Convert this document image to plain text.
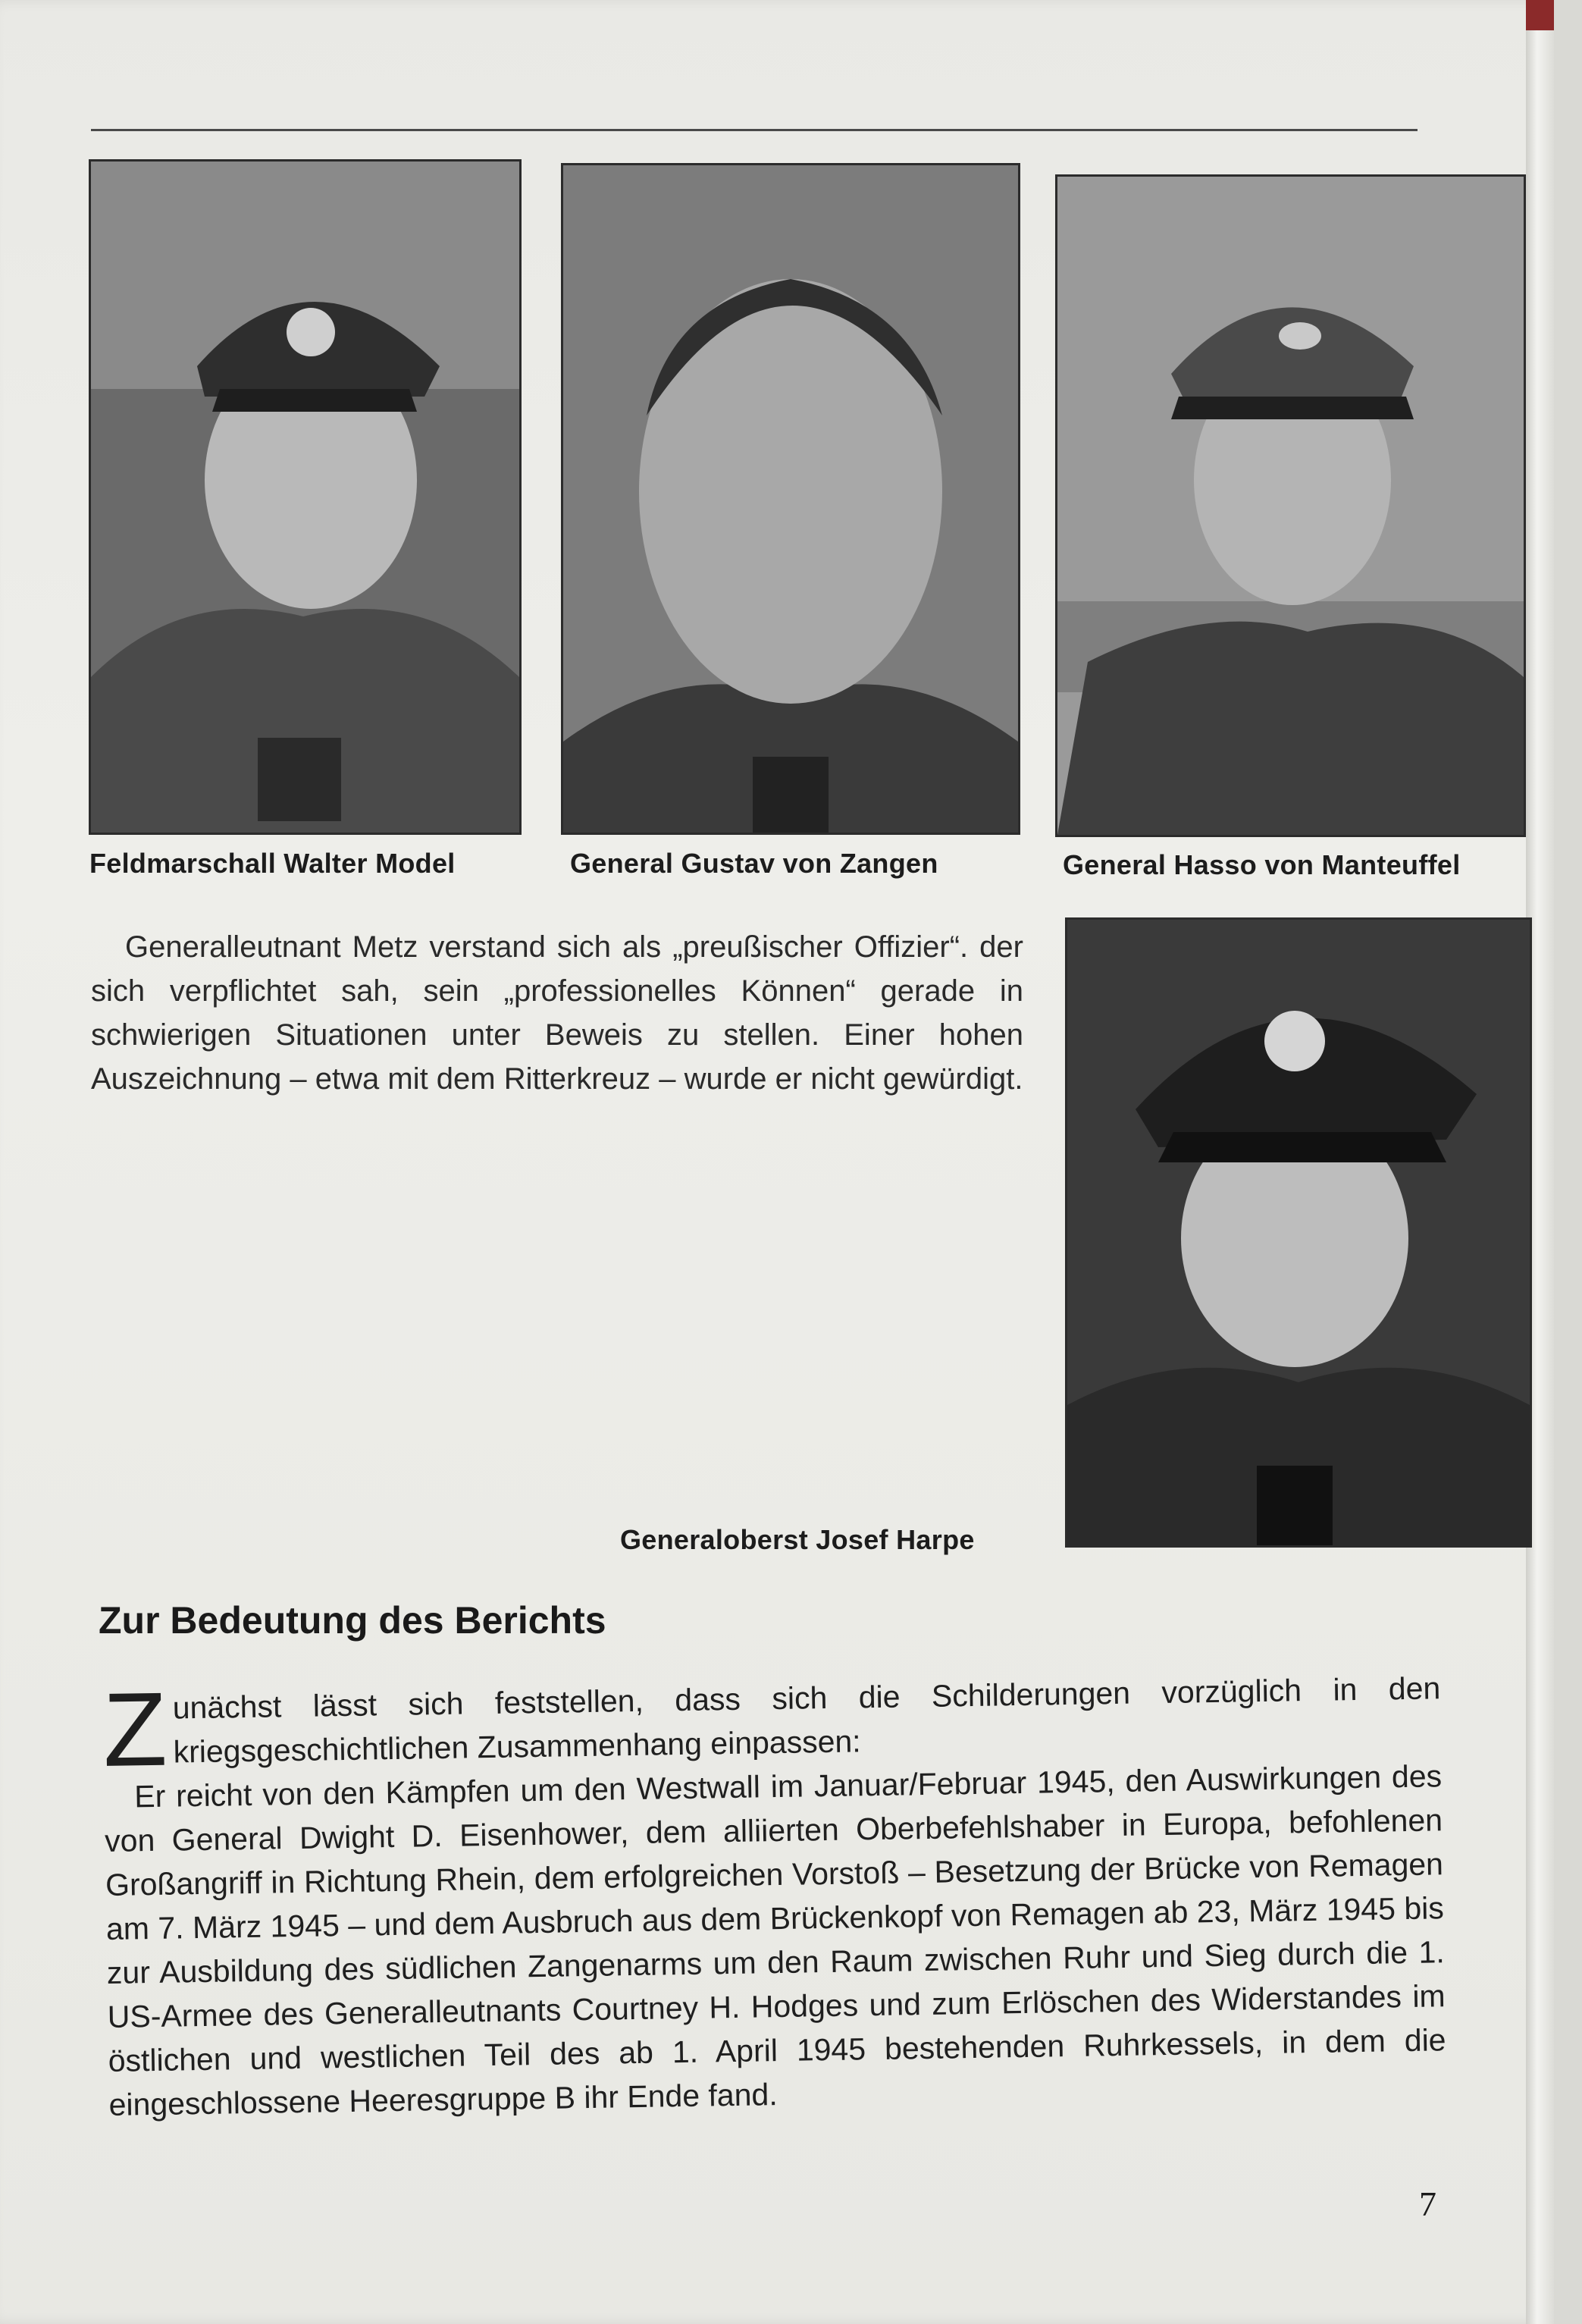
Feldmarschall Walter Model	General Gustav von Zangen	General Hasso von Manteuffel
Generaloberst Josef Harpe

Generalleutnant Metz verstand sich als „preußischer Offizier“. der sich verpflichtet sah, sein „professionelles Können“ gerade in schwierigen Situationen unter Beweis zu stellen. Einer hohen Auszeichnung – etwa mit dem Ritterkreuz – wurde er nicht gewürdigt.

Zur Bedeutung des Berichts

Zunächst lässt sich feststellen, dass sich die Schilderungen vorzüglich in den kriegsgeschichtlichen Zusammenhang einpassen:

Er reicht von den Kämpfen um den Westwall im Januar/Februar 1945, den Auswirkungen des von General Dwight D. Eisenhower, dem alliierten Oberbefehlshaber in Europa, befohlenen Großangriff in Richtung Rhein, dem erfolgreichen Vorstoß – Besetzung der Brücke von Remagen am 7. März 1945 – und dem Ausbruch aus dem Brückenkopf von Remagen ab 23, März 1945 bis zur Ausbildung des südlichen Zangenarms um den Raum zwischen Ruhr und Sieg durch die 1. US-Armee des Generalleutnants Courtney H. Hodges und zum Erlöschen des Widerstandes im östlichen und westlichen Teil des ab 1. April 1945 bestehenden Ruhrkessels, in dem die eingeschlossene Heeresgruppe B ihr Ende fand.

7
